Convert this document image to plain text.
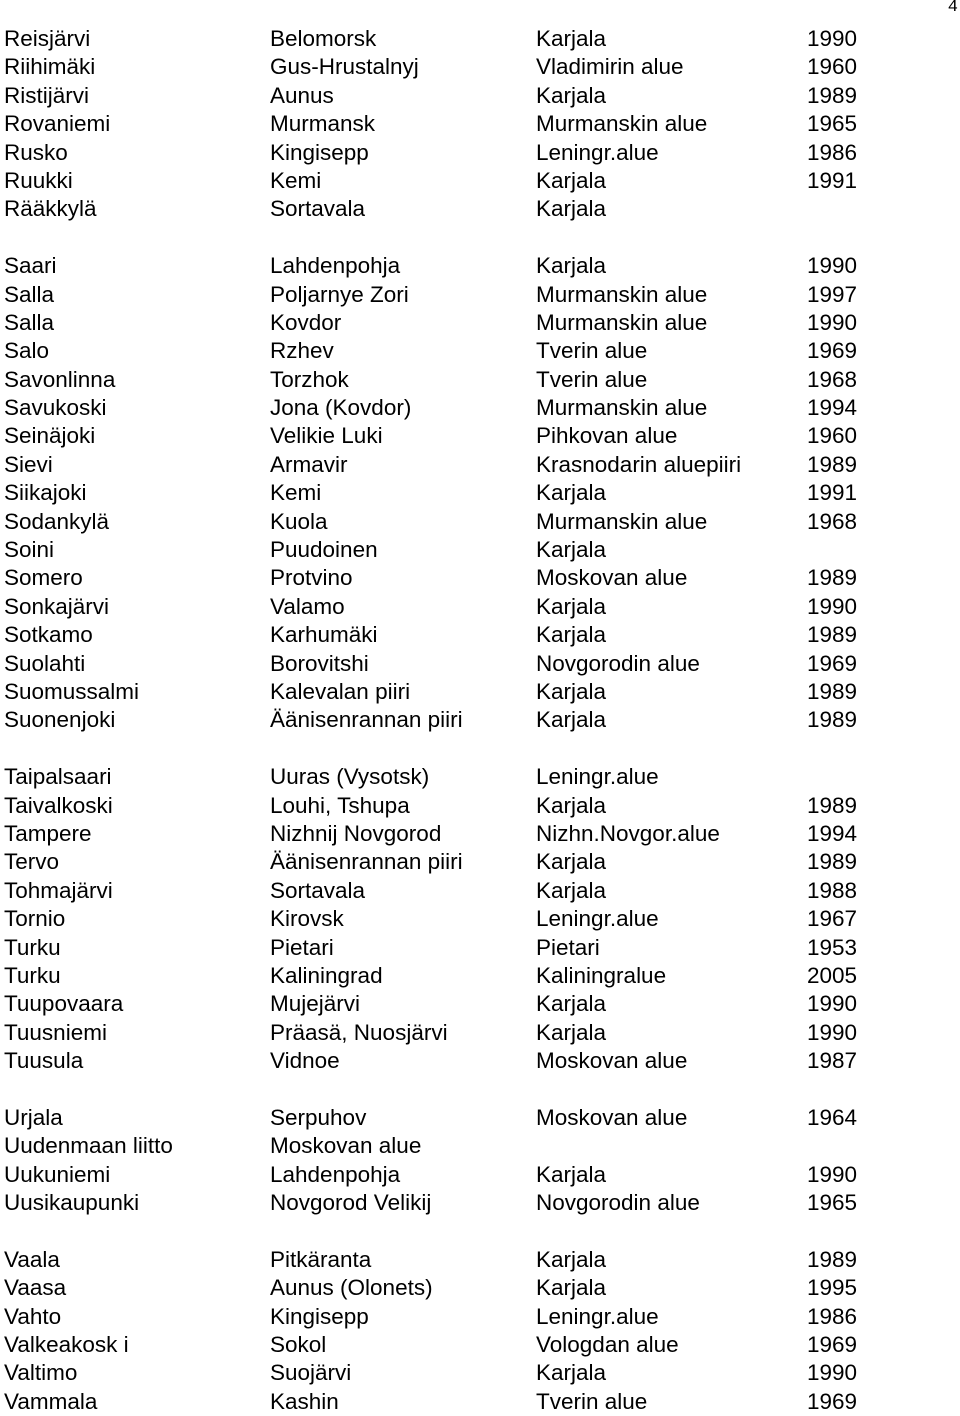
4
Reisjärvi	Belomorsk	Karjala	1990
Riihimäki	Gus-Hrustalnyj	Vladimirin alue	1960
Ristijärvi	Aunus	Karjala	1989
Rovaniemi	Murmansk	Murmanskin alue	1965
Rusko	Kingisepp	Leningr.alue	1986
Ruukki	Kemi	Karjala	1991
Rääkkylä	Sortavala	Karjala
Saari	Lahdenpohja	Karjala	1990
Salla	Poljarnye Zori	Murmanskin alue	1997
Salla	Kovdor	Murmanskin alue	1990
Salo	Rzhev	Tverin alue	1969
Savonlinna	Torzhok	Tverin alue	1968
Savukoski	Jona (Kovdor)	Murmanskin alue	1994
Seinäjoki	Velikie Luki	Pihkovan alue	1960
Sievi	Armavir	Krasnodarin aluepiiri	1989
Siikajoki	Kemi	Karjala	1991
Sodankylä	Kuola	Murmanskin alue	1968
Soini	Puudoinen	Karjala
Somero	Protvino	Moskovan alue	1989
Sonkajärvi	Valamo	Karjala	1990
Sotkamo	Karhumäki	Karjala	1989
Suolahti	Borovitshi	Novgorodin alue	1969
Suomussalmi	Kalevalan piiri	Karjala	1989
Suonenjoki	Äänisenrannan piiri	Karjala	1989
Taipalsaari	Uuras (Vysotsk)	Leningr.alue
Taivalkoski	Louhi, Tshupa	Karjala	1989
Tampere	Nizhnij Novgorod	Nizhn.Novgor.alue	1994
Tervo	Äänisenrannan piiri	Karjala	1989
Tohmajärvi	Sortavala	Karjala	1988
Tornio	Kirovsk	Leningr.alue	1967
Turku	Pietari	Pietari	1953
Turku	Kaliningrad	Kaliningralue	2005
Tuupovaara	Mujejärvi	Karjala	1990
Tuusniemi	Präasä, Nuosjärvi	Karjala	1990
Tuusula	Vidnoe	Moskovan alue	1987
Urjala	Serpuhov	Moskovan alue	1964
Uudenmaan liitto	Moskovan alue
Uukuniemi	Lahdenpohja	Karjala	1990
Uusikaupunki	Novgorod Velikij	Novgorodin alue	1965
Vaala	Pitkäranta	Karjala	1989
Vaasa	Aunus (Olonets)	Karjala	1995
Vahto	Kingisepp	Leningr.alue	1986
Valkeakosk i	Sokol	Vologdan alue	1969
Valtimo	Suojärvi	Karjala	1990
Vammala	Kashin	Tverin alue	1969
